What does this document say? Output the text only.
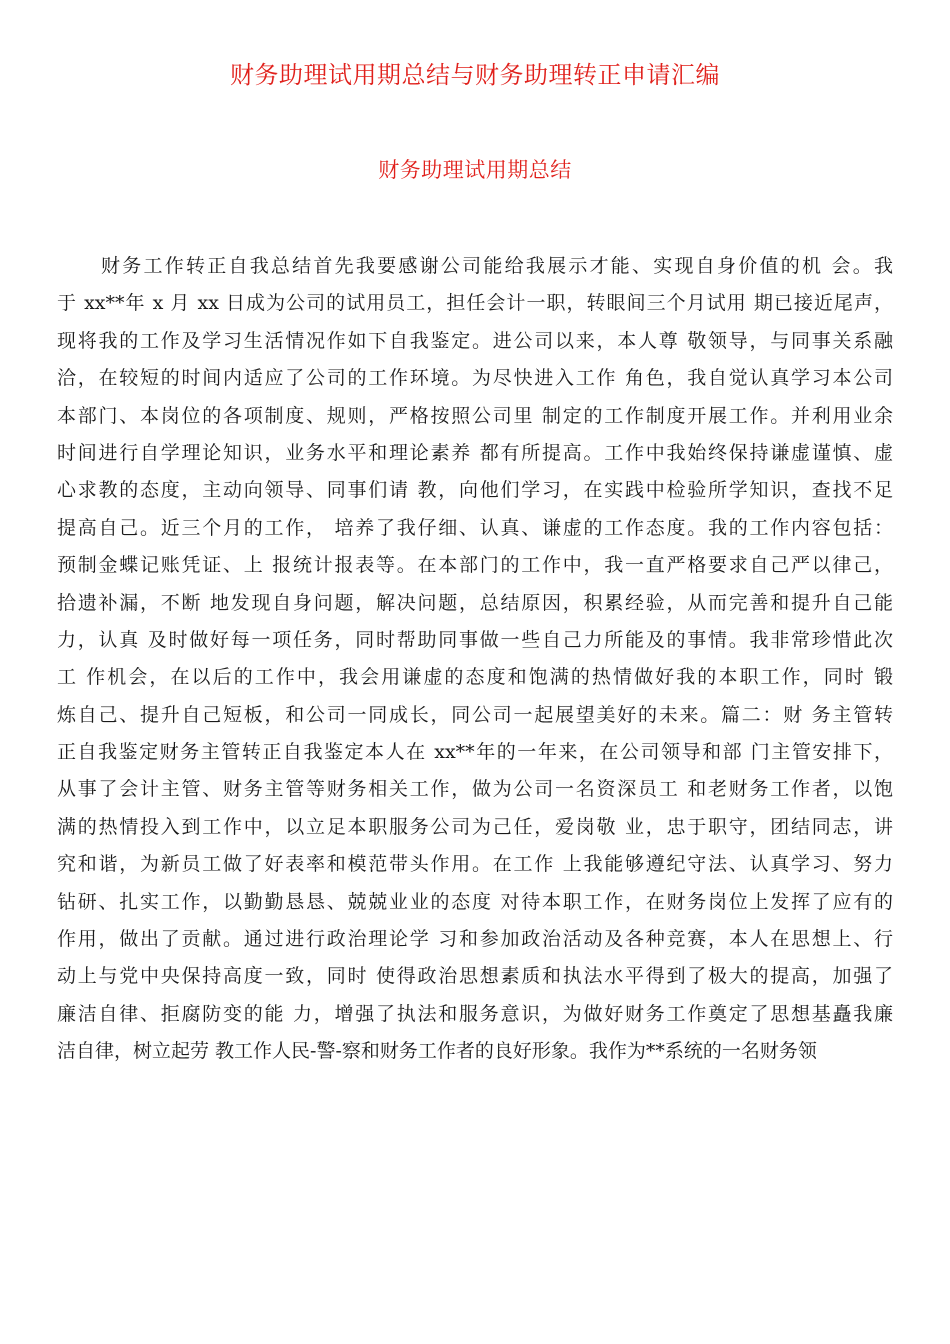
财务助理试用期总结与财务助理转正申请汇编
财务助理试用期总结
财务工作转正自我总结首先我要感谢公司能给我展示才能、实现自身价值的机 会。我
于 xx**年 x 月 xx 日成为公司的试用员工，担任会计一职，转眼间三个月试用 期已接近尾声，
现将我的工作及学习生活情况作如下自我鉴定。进公司以来，本人尊 敬领导，与同事关系融
洽，在较短的时间内适应了公司的工作环境。为尽快进入工作 角色，我自觉认真学习本公司
本部门、本岗位的各项制度、规则，严格按照公司里 制定的工作制度开展工作。并利用业余
时间进行自学理论知识，业务水平和理论素养 都有所提高。工作中我始终保持谦虚谨慎、虚
心求教的态度，主动向领导、同事们请 教，向他们学习，在实践中检验所学知识，查找不足
提高自己。近三个月的工作， 培养了我仔细、认真、谦虚的工作态度。我的工作内容包括：
预制金蝶记账凭证、上 报统计报表等。在本部门的工作中，我一直严格要求自己严以律己，
拾遗补漏，不断 地发现自身问题，解决问题，总结原因，积累经验，从而完善和提升自己能
力，认真 及时做好每一项任务，同时帮助同事做一些自己力所能及的事情。我非常珍惜此次
工 作机会，在以后的工作中，我会用谦虚的态度和饱满的热情做好我的本职工作，同时 锻
炼自己、提升自己短板，和公司一同成长，同公司一起展望美好的未来。篇二：财 务主管转
正自我鉴定财务主管转正自我鉴定本人在 xx**年的一年来，在公司领导和部 门主管安排下，
从事了会计主管、财务主管等财务相关工作，做为公司一名资深员工 和老财务工作者，以饱
满的热情投入到工作中，以立足本职服务公司为己任，爱岗敬 业，忠于职守，团结同志，讲
究和谐，为新员工做了好表率和模范带头作用。在工作 上我能够遵纪守法、认真学习、努力
钻研、扎实工作，以勤勤恳恳、兢兢业业的态度 对待本职工作，在财务岗位上发挥了应有的
作用，做出了贡献。通过进行政治理论学 习和参加政治活动及各种竞赛，本人在思想上、行
动上与党中央保持高度一致，同时 使得政治思想素质和执法水平得到了极大的提高，加强了
廉洁自律、拒腐防变的能 力，增强了执法和服务意识，为做好财务工作奠定了思想基矗我廉
洁自律，树立起劳 教工作人民-警-察和财务工作者的良好形象。我作为**系统的一名财务领
